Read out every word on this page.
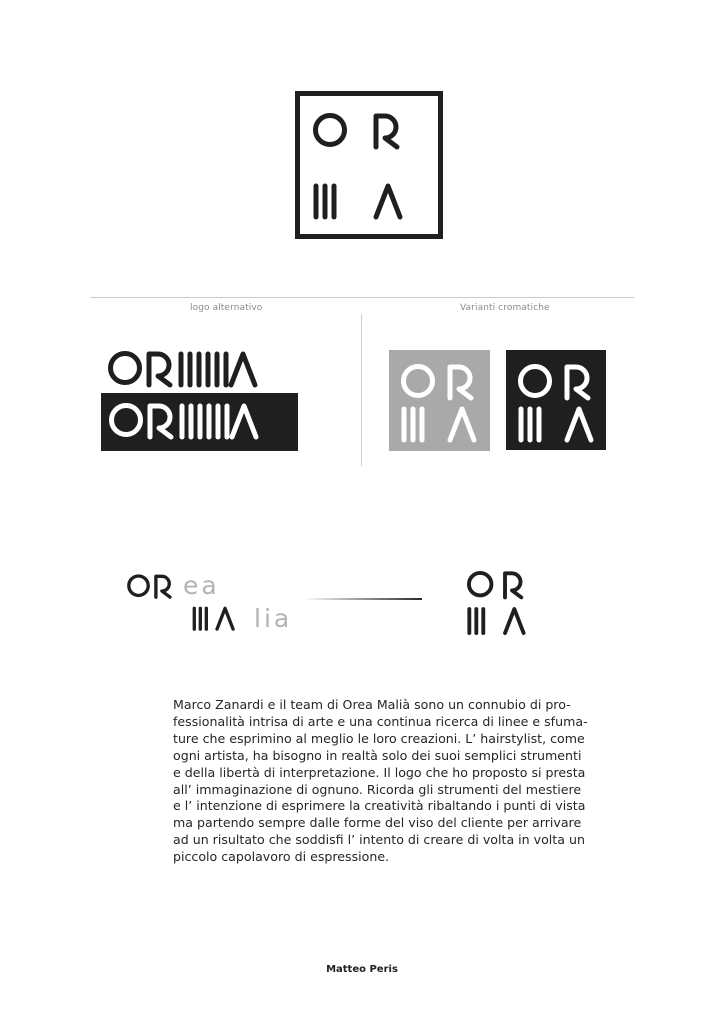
logo alternativo	Varianti cromatiche
ea
lia

Marco Zanardi e il team di Orea Malià sono un connubio di pro-

fessionalità intrisa di arte e una continua ricerca di linee e sfuma-

ture che esprimino al meglio le loro creazioni. L’ hairstylist, come

ogni artista, ha bisogno in realtà solo dei suoi semplici strumenti

e della libertà di interpretazione. Il logo che ho proposto si presta

all’ immaginazione di ognuno. Ricorda gli strumenti del mestiere

e l’ intenzione di esprimere la creatività ribaltando i punti di vista

ma partendo sempre dalle forme del viso del cliente per arrivare

ad un risultato che soddisfi l’ intento di creare di volta in volta un

piccolo capolavoro di espressione.

Matteo Peris
